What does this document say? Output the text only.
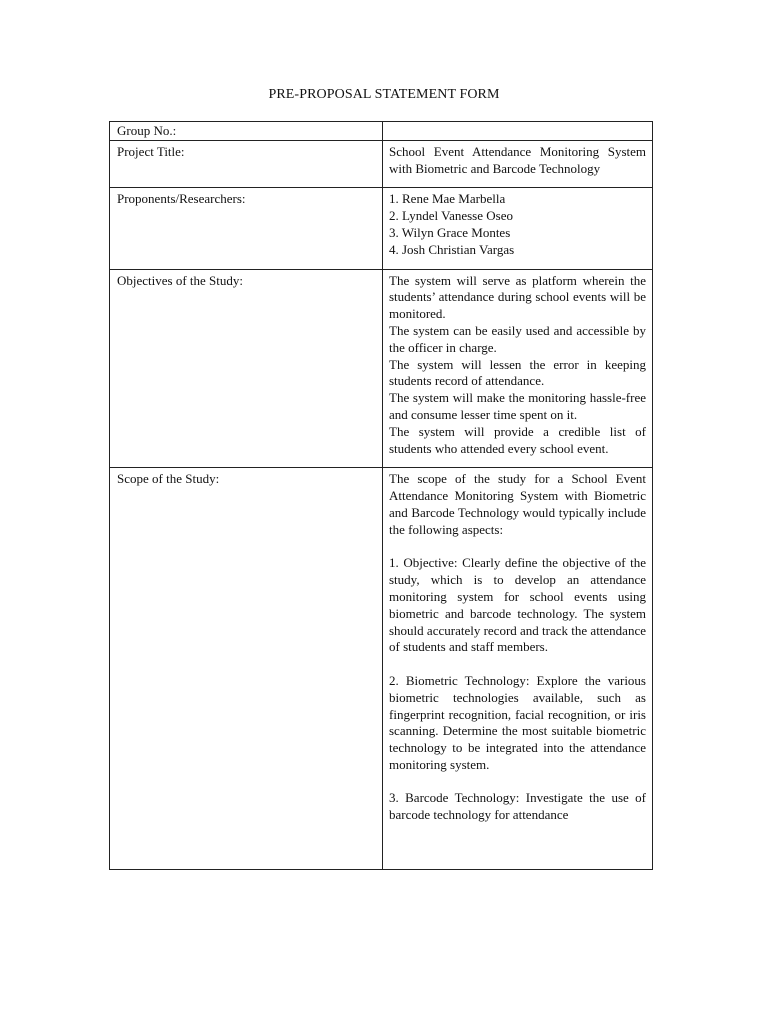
PRE-PROPOSAL STATEMENT FORM
Group No.:	
Project Title:	School Event Attendance Monitoring System with Biometric and Barcode Technology

Proponents/Researchers:	1. Rene Mae Marbella

2. Lyndel Vanesse Oseo

3. Wilyn Grace Montes

4. Josh Christian Vargas

Objectives of the Study:	The system will serve as platform wherein the students’ attendance during school events will be monitored.

The system can be easily used and accessible by the officer in charge.

The system will lessen the error in keeping students record of attendance.

The system will make the monitoring hassle-free and consume lesser time spent on it.

The system will provide a credible list of students who attended every school event.

Scope of the Study:	The scope of the study for a School Event Attendance Monitoring System with Biometric and Barcode Technology would typically include the following aspects:

1. Objective: Clearly define the objective of the study, which is to develop an attendance monitoring system for school events using biometric and barcode technology. The system should accurately record and track the attendance of students and staff members.

2. Biometric Technology: Explore the various biometric technologies available, such as fingerprint recognition, facial recognition, or iris scanning. Determine the most suitable biometric technology to be integrated into the attendance monitoring system.

3. Barcode Technology: Investigate the use of barcode technology for attendance
